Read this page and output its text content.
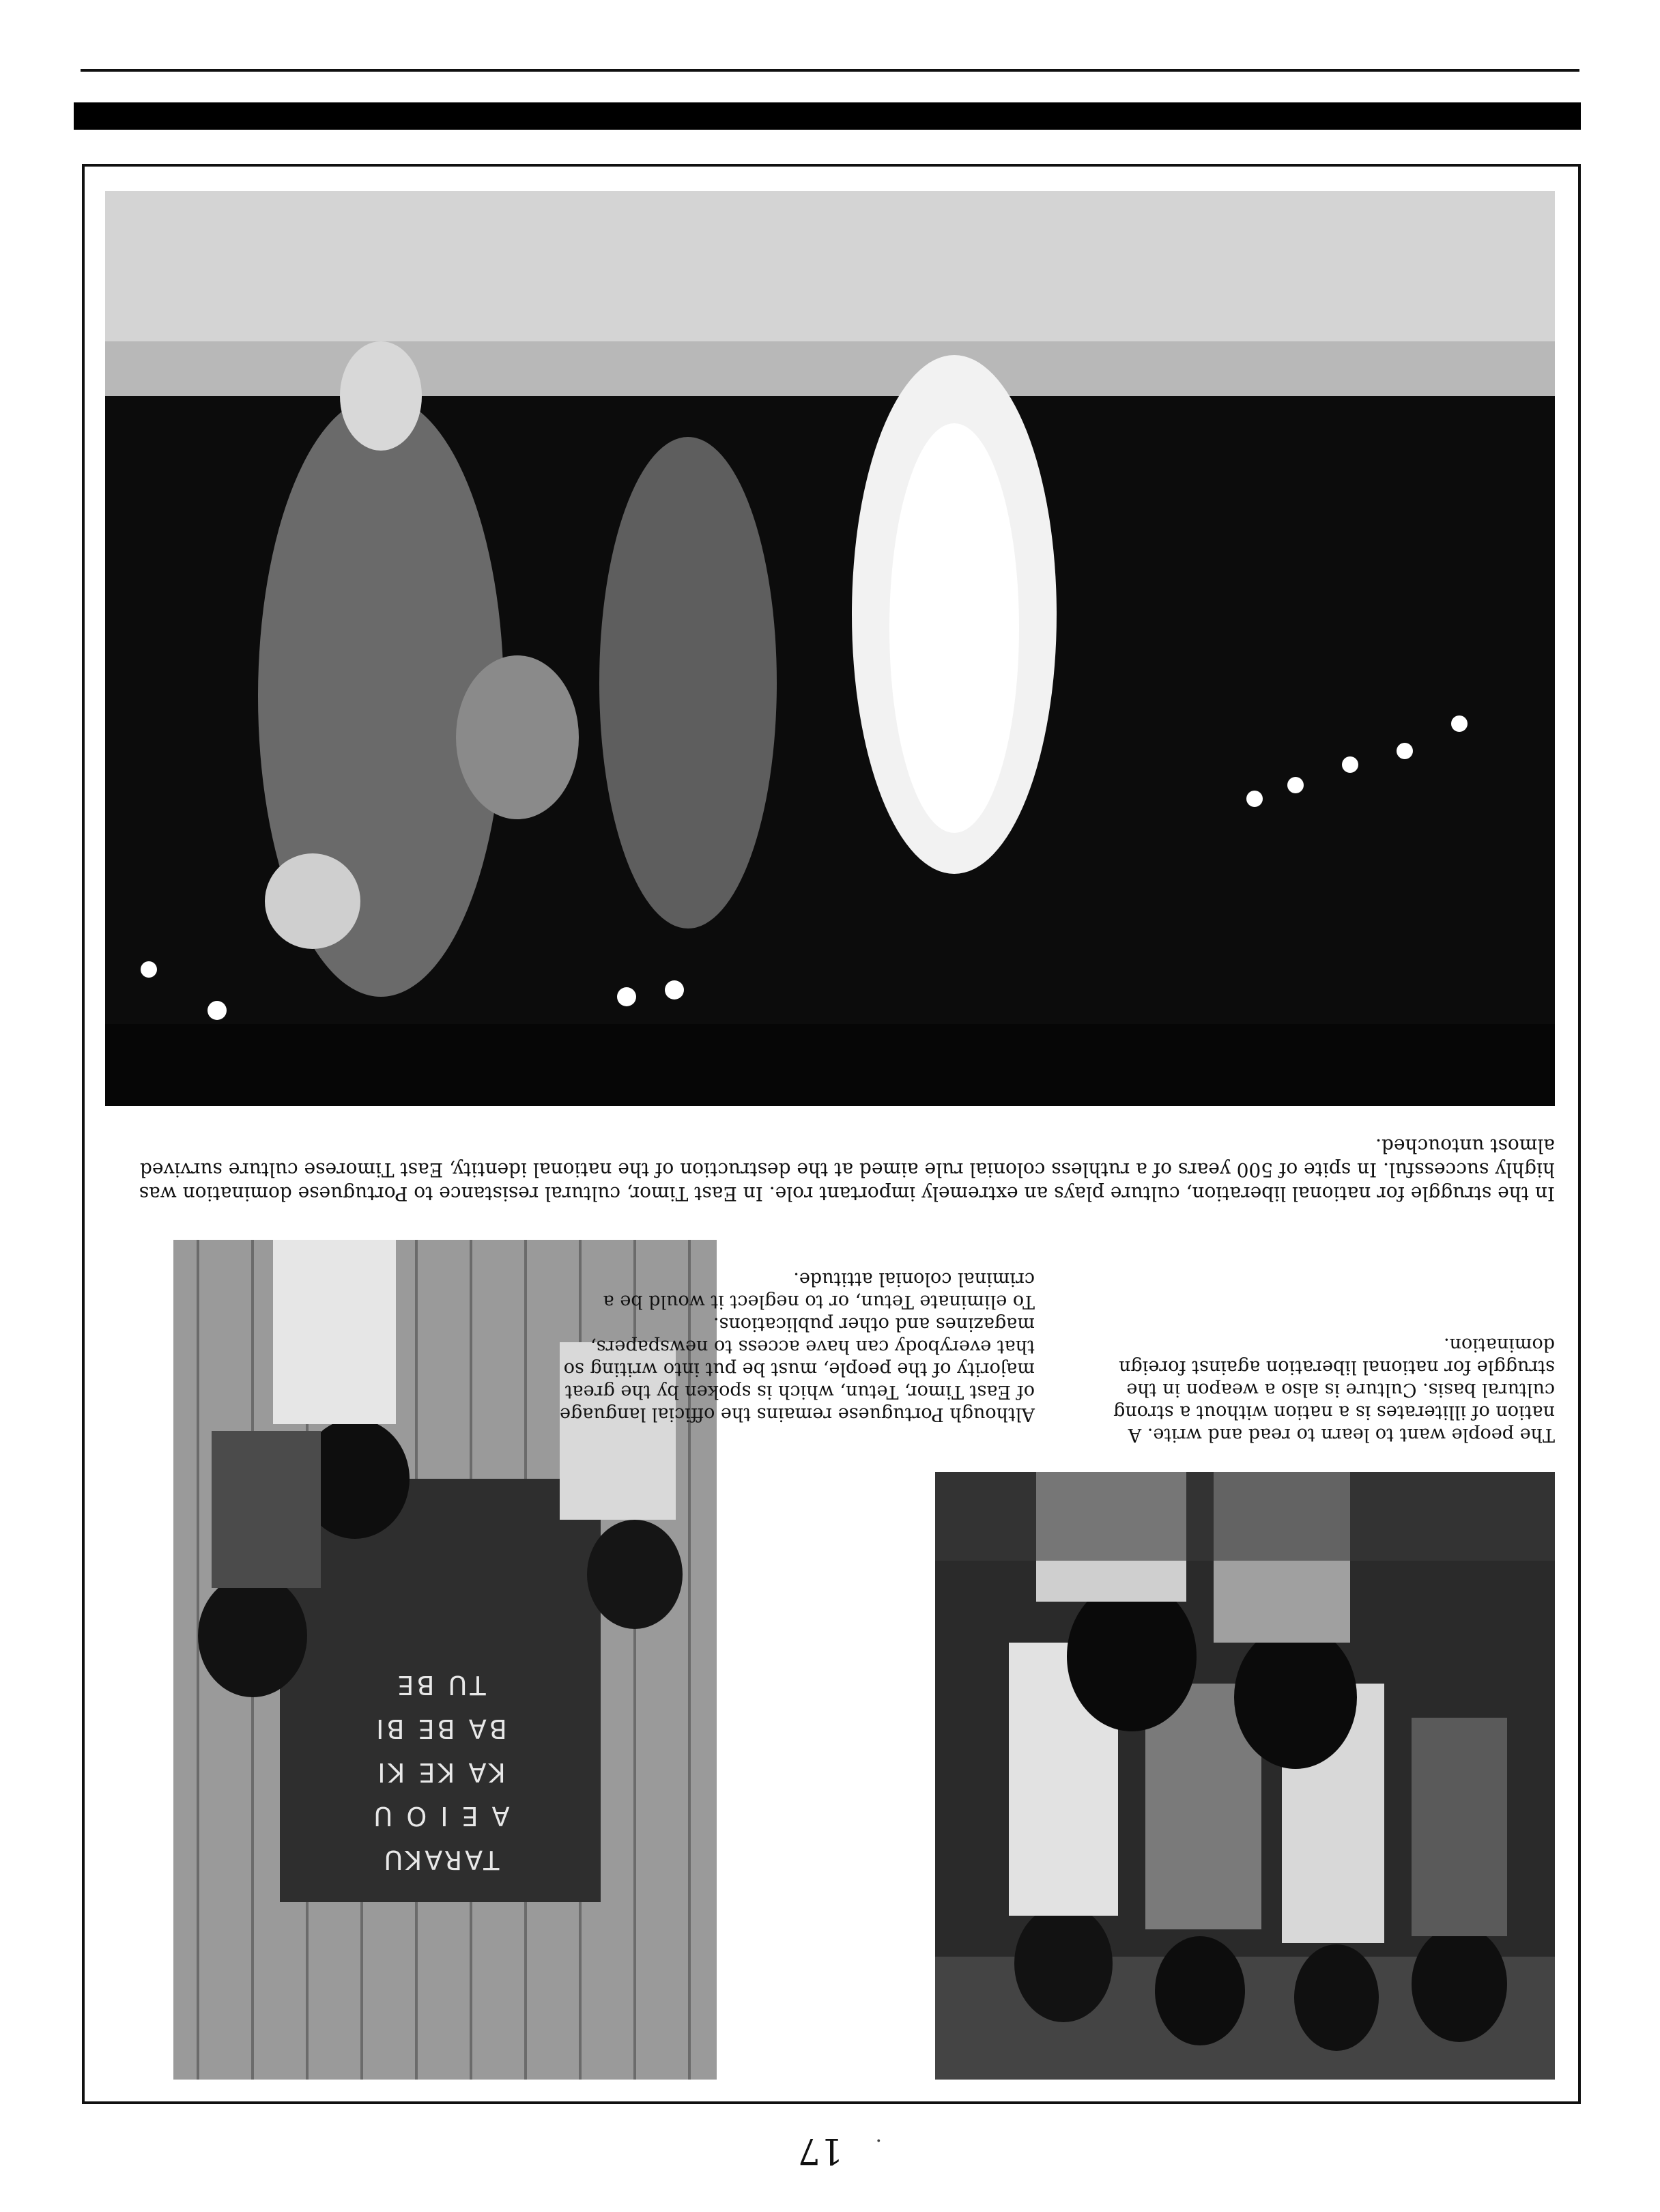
17	·
TARAKU
A E I O U
KA KE KI
BA BE BI
TU BE

The people want to learn to read and write. A nation of illiterates is a nation without a strong cultural basis. Culture is also a weapon in the struggle for national liberation against foreign domination.

Although Portuguese remains the official language of East Timor, Tetun, which is spoken by the great majority of the people, must be put into writing so that everybody can have access to newspapers, magazines and other publications.

To eliminate Tetun, or to neglect it would be a criminal colonial attitude.

In the struggle for national liberation, culture plays an extremely important role. In East Timor, cultural resistance to Portuguese domination was highly successful. In spite of 500 years of a ruthless colonial rule aimed at the destruction of the national identity, East Timorese culture survived almost untouched.
